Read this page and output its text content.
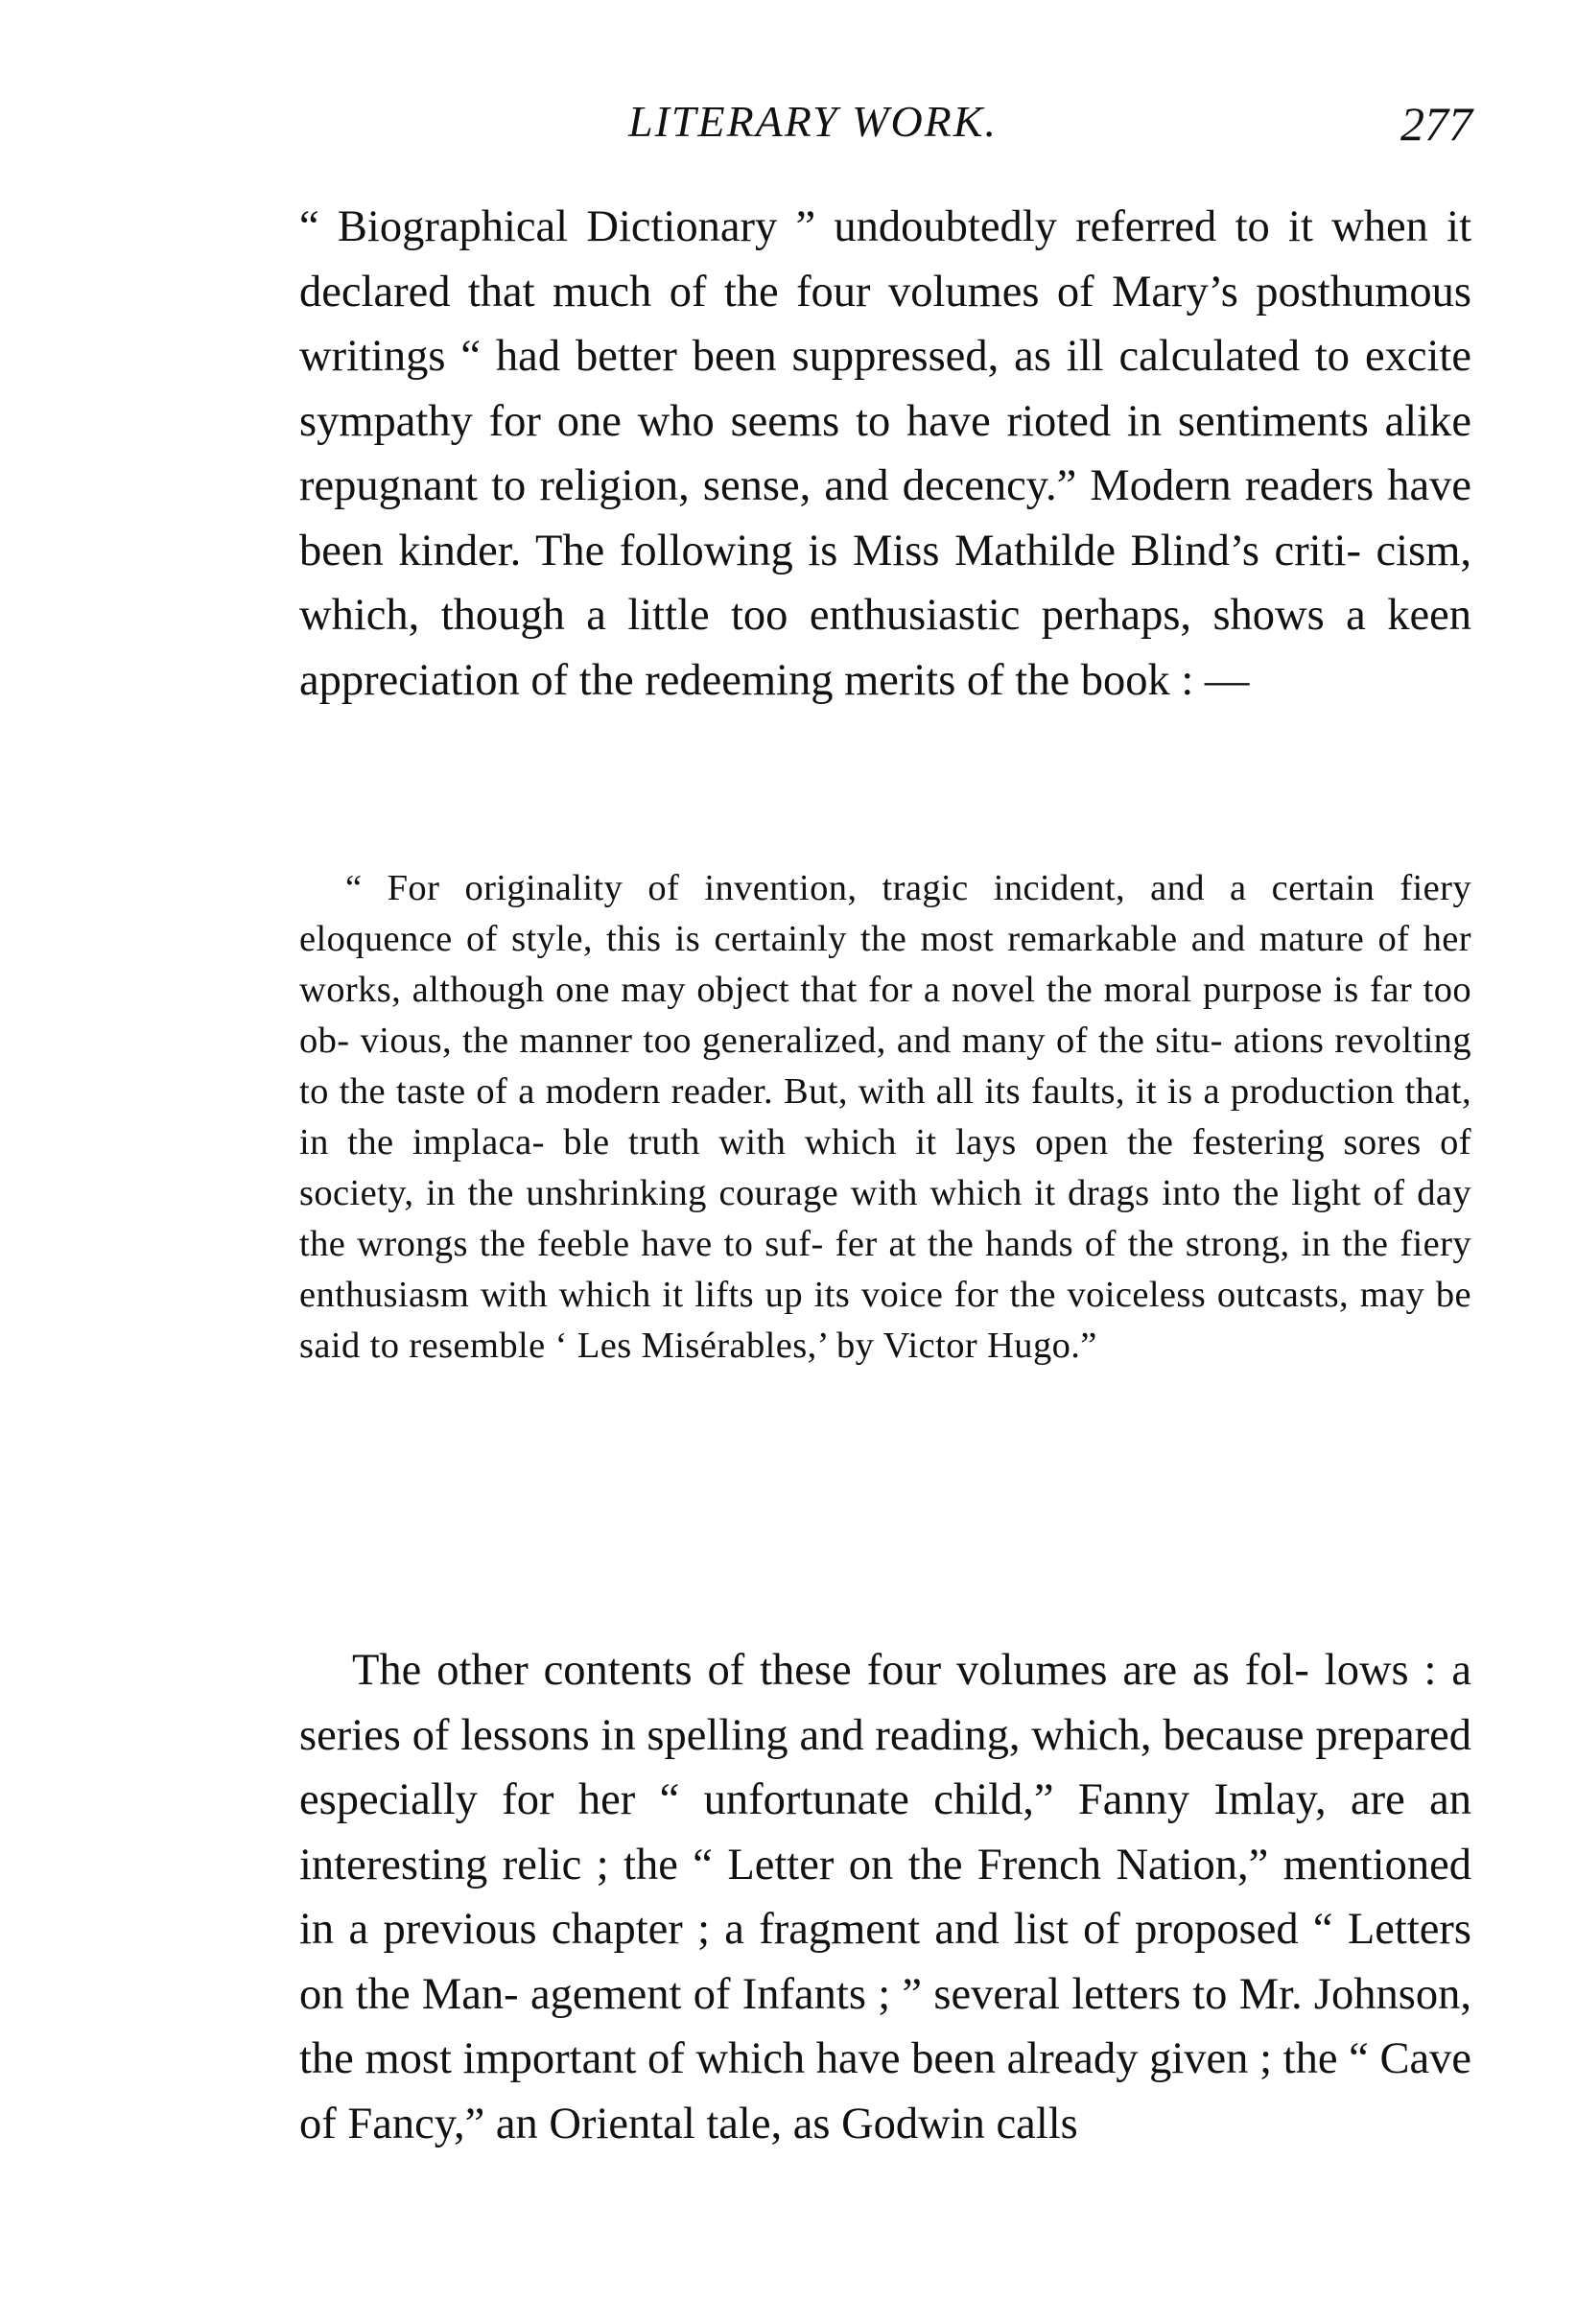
LITERARY WORK.	277

“ Biographical Dictionary ” undoubtedly referred to it when it declared that much of the four volumes of Mary’s posthumous writings “ had better been suppressed, as ill calculated to excite sympathy for one who seems to have rioted in sentiments alike repugnant to religion, sense, and decency.” Modern readers have been kinder. The following is Miss Mathilde Blind’s criti- cism, which, though a little too enthusiastic perhaps, shows a keen appreciation of the redeeming merits of the book : —

“ For originality of invention, tragic incident, and a certain fiery eloquence of style, this is certainly the most remarkable and mature of her works, although one may object that for a novel the moral purpose is far too ob- vious, the manner too generalized, and many of the situ- ations revolting to the taste of a modern reader. But, with all its faults, it is a production that, in the implaca- ble truth with which it lays open the festering sores of society, in the unshrinking courage with which it drags into the light of day the wrongs the feeble have to suf- fer at the hands of the strong, in the fiery enthusiasm with which it lifts up its voice for the voiceless outcasts, may be said to resemble ‘ Les Misérables,’ by Victor Hugo.”

The other contents of these four volumes are as fol- lows : a series of lessons in spelling and reading, which, because prepared especially for her “ unfortunate child,” Fanny Imlay, are an interesting relic ; the “ Letter on the French Nation,” mentioned in a previous chapter ; a fragment and list of proposed “ Letters on the Man- agement of Infants ; ” several letters to Mr. Johnson, the most important of which have been already given ; the “ Cave of Fancy,” an Oriental tale, as Godwin calls
